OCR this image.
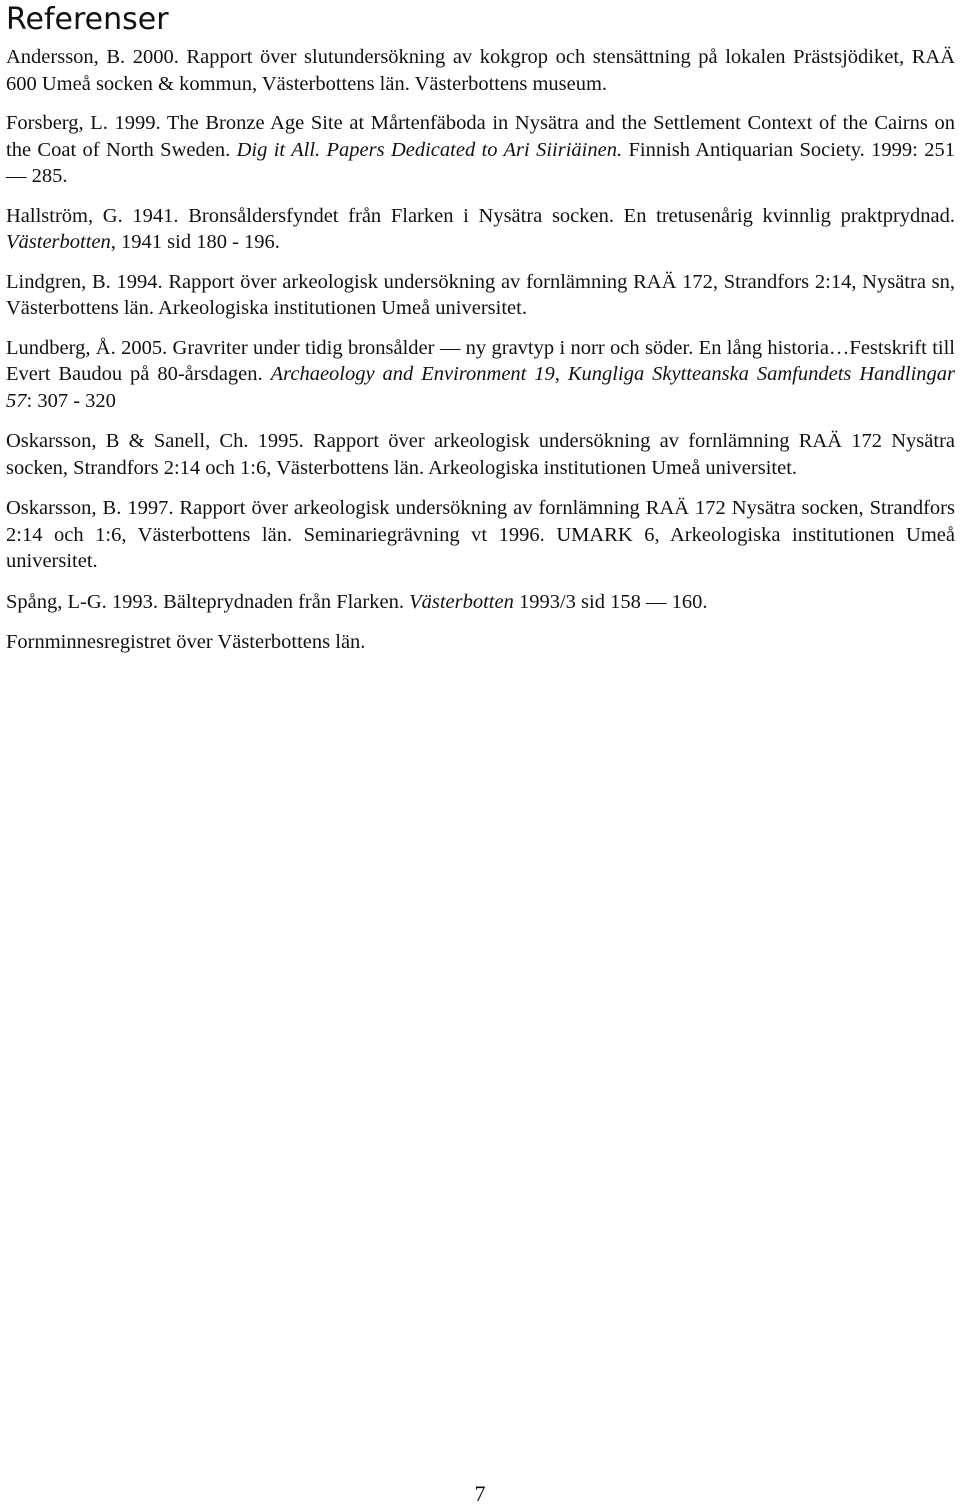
Referenser

Andersson, B. 2000. Rapport över slutundersökning av kokgrop och stensättning på lokalen Prästsjödiket, RAÄ 600 Umeå socken & kommun, Västerbottens län. Västerbottens museum.

Forsberg, L. 1999. The Bronze Age Site at Mårtenfäboda in Nysätra and the Settlement Context of the Cairns on the Coat of North Sweden. Dig it All. Papers Dedicated to Ari Siiriäinen. Finnish Antiquarian Society. 1999: 251 — 285.

Hallström, G. 1941. Bronsåldersfyndet från Flarken i Nysätra socken. En tretusenårig kvinnlig praktprydnad. Västerbotten, 1941 sid 180 - 196.

Lindgren, B. 1994. Rapport över arkeologisk undersökning av fornlämning RAÄ 172, Strandfors 2:14, Nysätra sn, Västerbottens län. Arkeologiska institutionen Umeå universitet.

Lundberg, Å. 2005. Gravriter under tidig bronsålder — ny gravtyp i norr och söder. En lång historia…Festskrift till Evert Baudou på 80-årsdagen. Archaeology and Environment 19, Kungliga Skytteanska Samfundets Handlingar 57: 307 - 320

Oskarsson, B & Sanell, Ch. 1995. Rapport över arkeologisk undersökning av fornlämning RAÄ 172 Nysätra socken, Strandfors 2:14 och 1:6, Västerbottens län. Arkeologiska institutionen Umeå universitet.

Oskarsson, B. 1997. Rapport över arkeologisk undersökning av fornlämning RAÄ 172 Nysätra socken, Strandfors 2:14 och 1:6, Västerbottens län. Seminariegrävning vt 1996. UMARK 6, Arkeologiska institutionen Umeå universitet.

Spång, L-G. 1993. Bälteprydnaden från Flarken. Västerbotten 1993/3 sid 158 — 160.

Fornminnesregistret över Västerbottens län.

7
